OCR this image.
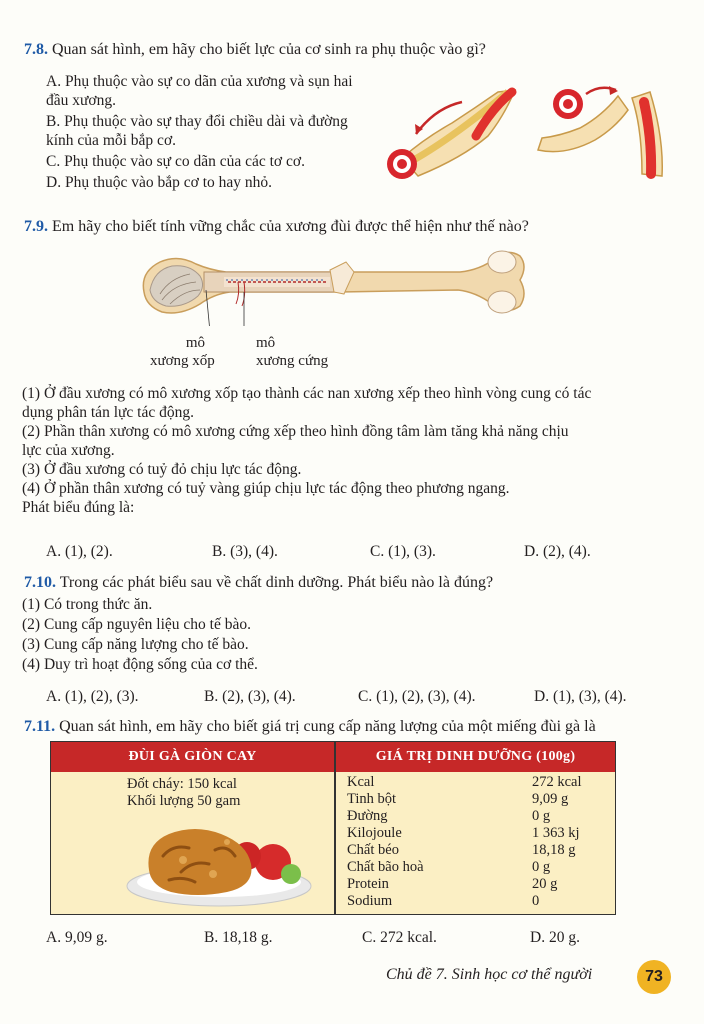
7.8. Quan sát hình, em hãy cho biết lực của cơ sinh ra phụ thuộc vào gì?
A. Phụ thuộc vào sự co dãn của xương và sụn hai
đầu xương.
B. Phụ thuộc vào sự thay đổi chiều dài và đường
kính của mỗi bắp cơ.
C. Phụ thuộc vào sự co dãn của các tơ cơ.
D. Phụ thuộc vào bắp cơ to hay nhỏ.
7.9. Em hãy cho biết tính vững chắc của xương đùi được thể hiện như thế nào?
mô
xương xốp
mô
xương cứng
(1) Ở đầu xương có mô xương xốp tạo thành các nan xương xếp theo hình vòng cung có tác
dụng phân tán lực tác động.
(2) Phần thân xương có mô xương cứng xếp theo hình đồng tâm làm tăng khả năng chịu
lực của xương.
(3) Ở đầu xương có tuỷ đỏ chịu lực tác động.
(4) Ở phần thân xương có tuỷ vàng giúp chịu lực tác động theo phương ngang.
Phát biểu đúng là:
A. (1), (2).	B. (3), (4).	C. (1), (3).	D. (2), (4).
7.10. Trong các phát biểu sau về chất dinh dưỡng. Phát biểu nào là đúng?
(1) Có trong thức ăn.
(2) Cung cấp nguyên liệu cho tế bào.
(3) Cung cấp năng lượng cho tế bào.
(4) Duy trì hoạt động sống của cơ thể.
A. (1), (2), (3).	B. (2), (3), (4).	C. (1), (2), (3), (4).	D. (1), (3), (4).
7.11. Quan sát hình, em hãy cho biết giá trị cung cấp năng lượng của một miếng đùi gà là
ĐÙI GÀ GIÒN CAY	GIÁ TRỊ DINH DƯỠNG (100g)
Đốt cháy: 150 kcal
Khối lượng 50 gam
Kcal	272 kcal
Tinh bột	9,09 g
Đường	0 g
Kilojoule	1 363 kj
Chất béo	18,18 g
Chất bão hoà	0 g
Protein	20 g
Sodium	0
A. 9,09 g.	B. 18,18 g.	C. 272 kcal.	D. 20 g.
Chủ đề 7. Sinh học cơ thể người	73
